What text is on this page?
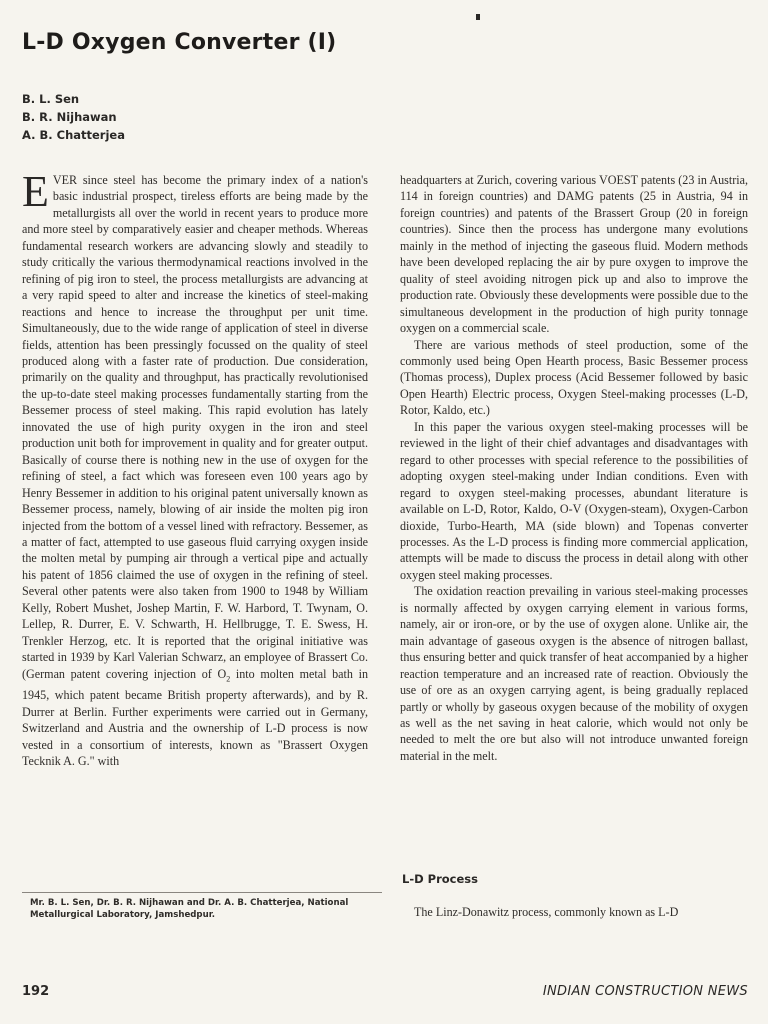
L-D Oxygen Converter (I)
B. L. Sen
B. R. Nijhawan
A. B. Chatterjea

EVER since steel has become the primary index of a nation's basic industrial prospect, tireless efforts are being made by the metallurgists all over the world in recent years to produce more and more steel by comparatively easier and cheaper methods. Whereas fundamental research workers are advancing slowly and steadily to study critically the various thermodynamical reactions involved in the refining of pig iron to steel, the process metallurgists are advancing at a very rapid speed to alter and increase the kinetics of steel-making reactions and hence to increase the throughput per unit time. Simultaneously, due to the wide range of application of steel in diverse fields, attention has been pressingly focussed on the quality of steel produced along with a faster rate of production. Due consideration, primarily on the quality and throughput, has practically revolutionised the up-to-date steel making processes fundamentally starting from the Bessemer process of steel making. This rapid evolution has lately innovated the use of high purity oxygen in the iron and steel production unit both for improvement in quality and for greater output. Basically of course there is nothing new in the use of oxygen for the refining of steel, a fact which was foreseen even 100 years ago by Henry Bessemer in addition to his original patent universally known as Bessemer process, namely, blowing of air inside the molten pig iron injected from the bottom of a vessel lined with refractory. Bessemer, as a matter of fact, attempted to use gaseous fluid carrying oxygen inside the molten metal by pumping air through a vertical pipe and actually his patent of 1856 claimed the use of oxygen in the refining of steel. Several other patents were also taken from 1900 to 1948 by William Kelly, Robert Mushet, Joshep Martin, F. W. Harbord, T. Twynam, O. Lellep, R. Durrer, E. V. Schwarth, H. Hellbrugge, T. E. Swess, H. Trenkler Herzog, etc. It is reported that the original initiative was started in 1939 by Karl Valerian Schwarz, an employee of Brassert Co. (German patent covering injection of $O_2$ into molten metal bath in 1945, which patent became British property afterwards), and by R. Durrer at Berlin. Further experiments were carried out in Germany, Switzerland and Austria and the ownership of L-D process is now vested in a consortium of interests, known as "Brassert Oxygen Tecknik A. G." with

headquarters at Zurich, covering various VOEST patents (23 in Austria, 114 in foreign countries) and DAMG patents (25 in Austria, 94 in foreign countries) and patents of the Brassert Group (20 in foreign countries). Since then the process has undergone many evolutions mainly in the method of injecting the gaseous fluid. Modern methods have been developed replacing the air by pure oxygen to improve the quality of steel avoiding nitrogen pick up and also to improve the production rate. Obviously these developments were possible due to the simultaneous development in the production of high purity tonnage oxygen on a commercial scale.

There are various methods of steel production, some of the commonly used being Open Hearth process, Basic Bessemer process (Thomas process), Duplex process (Acid Bessemer followed by basic Open Hearth) Electric process, Oxygen Steel-making processes (L-D, Rotor, Kaldo, etc.)

In this paper the various oxygen steel-making processes will be reviewed in the light of their chief advantages and disadvantages with regard to other processes with special reference to the possibilities of adopting oxygen steel-making under Indian conditions. Even with regard to oxygen steel-making processes, abundant literature is available on L-D, Rotor, Kaldo, O-V (Oxygen-steam), Oxygen-Carbon dioxide, Turbo-Hearth, MA (side blown) and Topenas converter processes. As the L-D process is finding more commercial application, attempts will be made to discuss the process in detail along with other oxygen steel making processes.

The oxidation reaction prevailing in various steel-making processes is normally affected by oxygen carrying element in various forms, namely, air or iron-ore, or by the use of oxygen alone. Unlike air, the main advantage of gaseous oxygen is the absence of nitrogen ballast, thus ensuring better and quick transfer of heat accompanied by a higher reaction temperature and an increased rate of reaction. Obviously the use of ore as an oxygen carrying agent, is being gradually replaced partly or wholly by gaseous oxygen because of the mobility of oxygen as well as the net saving in heat calorie, which would not only be needed to melt the ore but also will not introduce unwanted foreign material in the melt.

Mr. B. L. Sen, Dr. B. R. Nijhawan and Dr. A. B. Chatterjea, National Metallurgical Laboratory, Jamshedpur.
L-D Process

The Linz-Donawitz process, commonly known as L-D

192	INDIAN CONSTRUCTION NEWS
